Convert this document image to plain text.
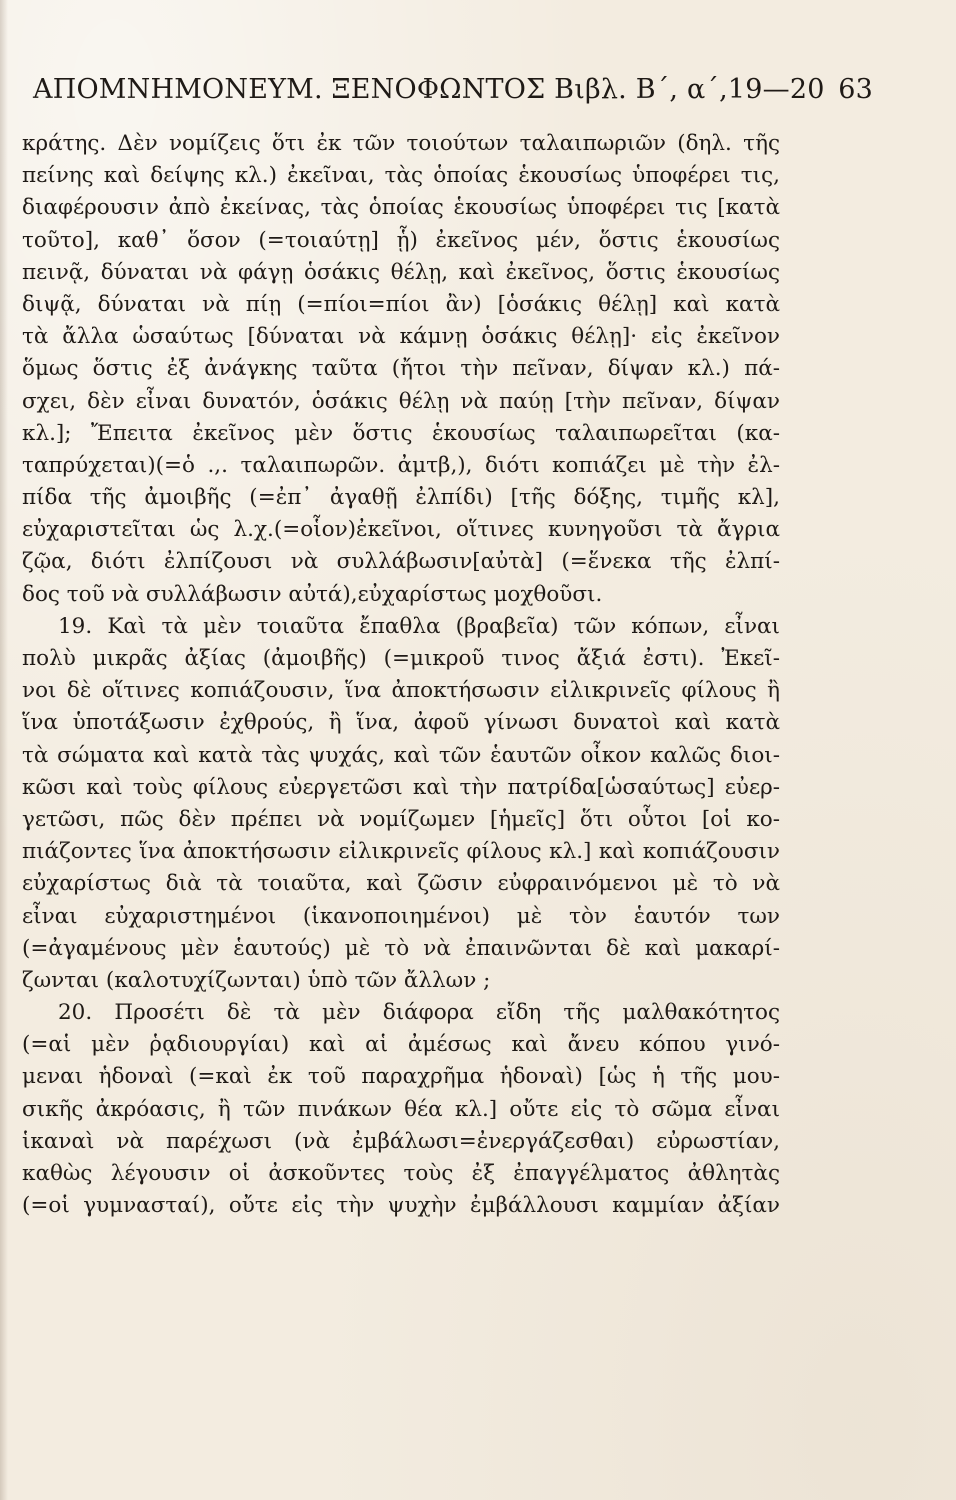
ΑΠΟΜΝΗΜΟΝΕΥΜ. ΞΕΝΟΦΩΝΤΟΣ Βιβλ. Β΄, α΄,19—20 63
κράτης. Δὲν νομίζεις ὅτι ἐκ τῶν τοιούτων ταλαιπωριῶν (δηλ. τῆς
πείνης καὶ δείψης κλ.) ἐκεῖναι, τὰς ὁποίας ἑκουσίως ὑποφέρει τις,
διαφέρουσιν ἀπὸ ἐκείνας, τὰς ὁποίας ἑκουσίως ὑποφέρει τις [κατὰ
τοῦτο], καθ᾿ ὅσον (=τοιαύτῃ] ᾗ) ἐκεῖνος μέν, ὅστις ἑκουσίως
πεινᾷ, δύναται νὰ φάγῃ ὁσάκις θέλῃ, καὶ ἐκεῖνος, ὅστις ἑκουσίως
διψᾷ, δύναται νὰ πίῃ (=πίοι=πίοι ἂν) [ὁσάκις θέλῃ] καὶ κατὰ
τὰ ἄλλα ὡσαύτως [δύναται νὰ κάμνῃ ὁσάκις θέλῃ]· εἰς ἐκεῖνον
ὅμως ὅστις ἐξ ἀνάγκης ταῦτα (ἤτοι τὴν πεῖναν, δίψαν κλ.) πά-
σχει, δὲν εἶναι δυνατόν, ὁσάκις θέλῃ νὰ παύῃ [τὴν πεῖναν, δίψαν
κλ.]; Ἔπειτα ἐκεῖνος μὲν ὅστις ἑκουσίως ταλαιπωρεῖται (κα-
ταπρύχεται)(=ὁ .,. ταλαιπωρῶν. ἀμτβ,), διότι κοπιάζει μὲ τὴν ἐλ-
πίδα τῆς ἀμοιβῆς (=ἐπ᾿ ἀγαθῇ ἐλπίδι) [τῆς δόξης, τιμῆς κλ],
εὐχαριστεῖται ὡς λ.χ.(=οἷον)ἐκεῖνοι, οἵτινες κυνηγοῦσι τὰ ἄγρια
ζῷα, διότι ἐλπίζουσι νὰ συλλάβωσιν[αὐτὰ] (=ἕνεκα τῆς ἐλπί-
δος τοῦ νὰ συλλάβωσιν αὐτά),εὐχαρίστως μοχθοῦσι.
19. Καὶ τὰ μὲν τοιαῦτα ἔπαθλα (βραβεῖα) τῶν κόπων, εἶναι
πολὺ μικρᾶς ἀξίας (ἀμοιβῆς) (=μικροῦ τινος ἄξιά ἐστι). Ἐκεῖ-
νοι δὲ οἵτινες κοπιάζουσιν, ἵνα ἀποκτήσωσιν εἰλικρινεῖς φίλους ἢ
ἵνα ὑποτάξωσιν ἐχθρούς, ἢ ἵνα, ἀφοῦ γίνωσι δυνατοὶ καὶ κατὰ
τὰ σώματα καὶ κατὰ τὰς ψυχάς, καὶ τῶν ἑαυτῶν οἶκον καλῶς διοι-
κῶσι καὶ τοὺς φίλους εὐεργετῶσι καὶ τὴν πατρίδα[ὡσαύτως] εὐερ-
γετῶσι, πῶς δὲν πρέπει νὰ νομίζωμεν [ἡμεῖς] ὅτι οὗτοι [οἱ κο-
πιάζοντες ἵνα ἀποκτήσωσιν εἰλικρινεῖς φίλους κλ.] καὶ κοπιάζουσιν
εὐχαρίστως διὰ τὰ τοιαῦτα, καὶ ζῶσιν εὐφραινόμενοι μὲ τὸ νὰ
εἶναι εὐχαριστημένοι (ἱκανοποιημένοι) μὲ τὸν ἑαυτόν των
(=ἀγαμένους μὲν ἑαυτούς) μὲ τὸ νὰ ἐπαινῶνται δὲ καὶ μακαρί-
ζωνται (καλοτυχίζωνται) ὑπὸ τῶν ἄλλων ;
20. Προσέτι δὲ τὰ μὲν διάφορα εἴδη τῆς μαλθακότητος
(=αἱ μὲν ῥᾳδιουργίαι) καὶ αἱ ἀμέσως καὶ ἄνευ κόπου γινό-
μεναι ἡδοναὶ (=καὶ ἐκ τοῦ παραχρῆμα ἡδοναὶ) [ὡς ἡ τῆς μου-
σικῆς ἀκρόασις, ἢ τῶν πινάκων θέα κλ.] οὔτε εἰς τὸ σῶμα εἶναι
ἱκαναὶ νὰ παρέχωσι (νὰ ἐμβάλωσι=ἐνεργάζεσθαι) εὐρωστίαν,
καθὼς λέγουσιν οἱ ἀσκοῦντες τοὺς ἐξ ἐπαγγέλματος ἀθλητὰς
(=οἱ γυμνασταί), οὔτε εἰς τὴν ψυχὴν ἐμβάλλουσι καμμίαν ἀξίαν
